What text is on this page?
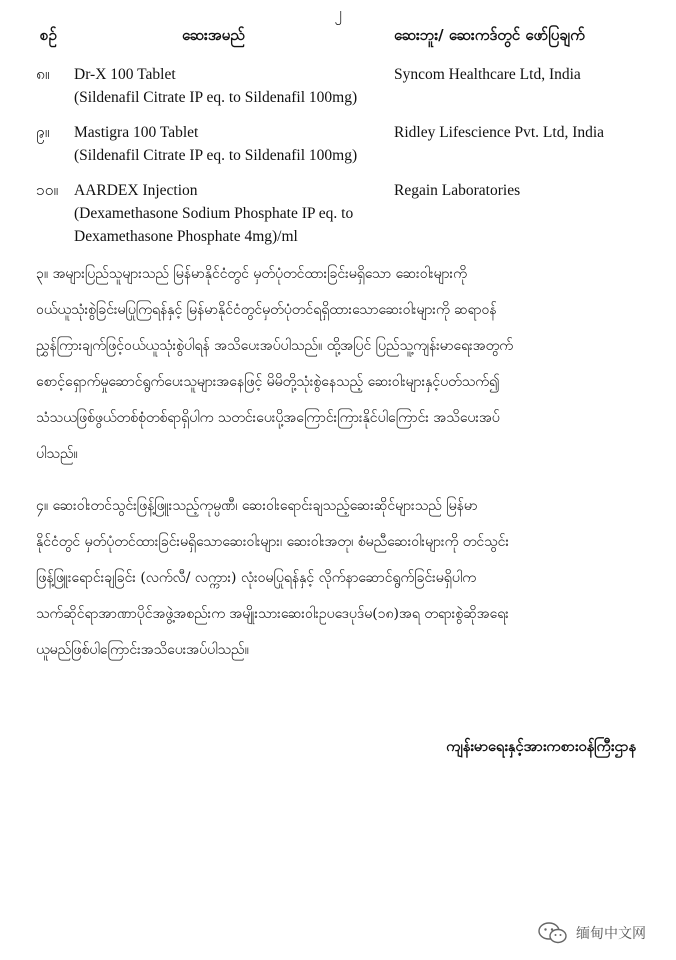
၂
စဉ်	ဆေးအမည်	ဆေးဘူး/ ဆေးကဒ်တွင် ဖော်ပြချက်
၈။ Dr-X 100 Tablet
(Sildenafil Citrate IP eq. to Sildenafil 100mg)
Syncom Healthcare Ltd, India
၉။ Mastigra 100 Tablet
(Sildenafil Citrate IP eq. to Sildenafil 100mg)
Ridley Lifescience Pvt. Ltd, India
၁၀။ AARDEX Injection
(Dexamethasone Sodium Phosphate IP eq. to
Dexamethasone Phosphate 4mg)/ml
Regain Laboratories
၃။ အများပြည်သူများသည် မြန်မာနိုင်ငံတွင် မှတ်ပုံတင်ထားခြင်းမရှိသော ဆေးဝါးများကို
ဝယ်ယူသုံးစွဲခြင်းမပြုကြရန်နှင့် မြန်မာနိုင်ငံတွင်မှတ်ပုံတင်ရရှိထားသောဆေးဝါးများကို ဆရာဝန်
ညွှန်ကြားချက်ဖြင့်ဝယ်ယူသုံးစွဲပါရန် အသိပေးအပ်ပါသည်။ ထို့အပြင် ပြည်သူ့ကျန်းမာရေးအတွက်
စောင့်ရှောက်မှုဆောင်ရွက်ပေးသူများအနေဖြင့် မိမိတို့သုံးစွဲနေသည့် ဆေးဝါးများနှင့်ပတ်သက်၍
သံသယဖြစ်ဖွယ်တစ်စုံတစ်ရာရှိပါက သတင်းပေးပို့အကြောင်းကြားနိုင်ပါကြောင်း အသိပေးအပ်
ပါသည်။
၄။ ဆေးဝါးတင်သွင်းဖြန့်ဖြူးသည့်ကုမ္ပဏီ၊ ဆေးဝါးရောင်းချသည့်ဆေးဆိုင်များသည် မြန်မာ
နိုင်ငံတွင် မှတ်ပုံတင်ထားခြင်းမရှိသောဆေးဝါးများ၊ ဆေးဝါးအတု၊ စံမညီဆေးဝါးများကို တင်သွင်း
ဖြန့်ဖြူးရောင်းချခြင်း (လက်လီ/ လက္ကား) လုံးဝမပြုရန်နှင့် လိုက်နာဆောင်ရွက်ခြင်းမရှိပါက
သက်ဆိုင်ရာအာဏာပိုင်အဖွဲ့အစည်းက အမျိုးသားဆေးဝါးဥပဒေပုဒ်မ(၁၈)အရ တရားစွဲဆိုအရေး
ယူမည်ဖြစ်ပါကြောင်းအသိပေးအပ်ပါသည်။
ကျန်းမာရေးနှင့်အားကစားဝန်ကြီးဌာန
缅甸中文网
